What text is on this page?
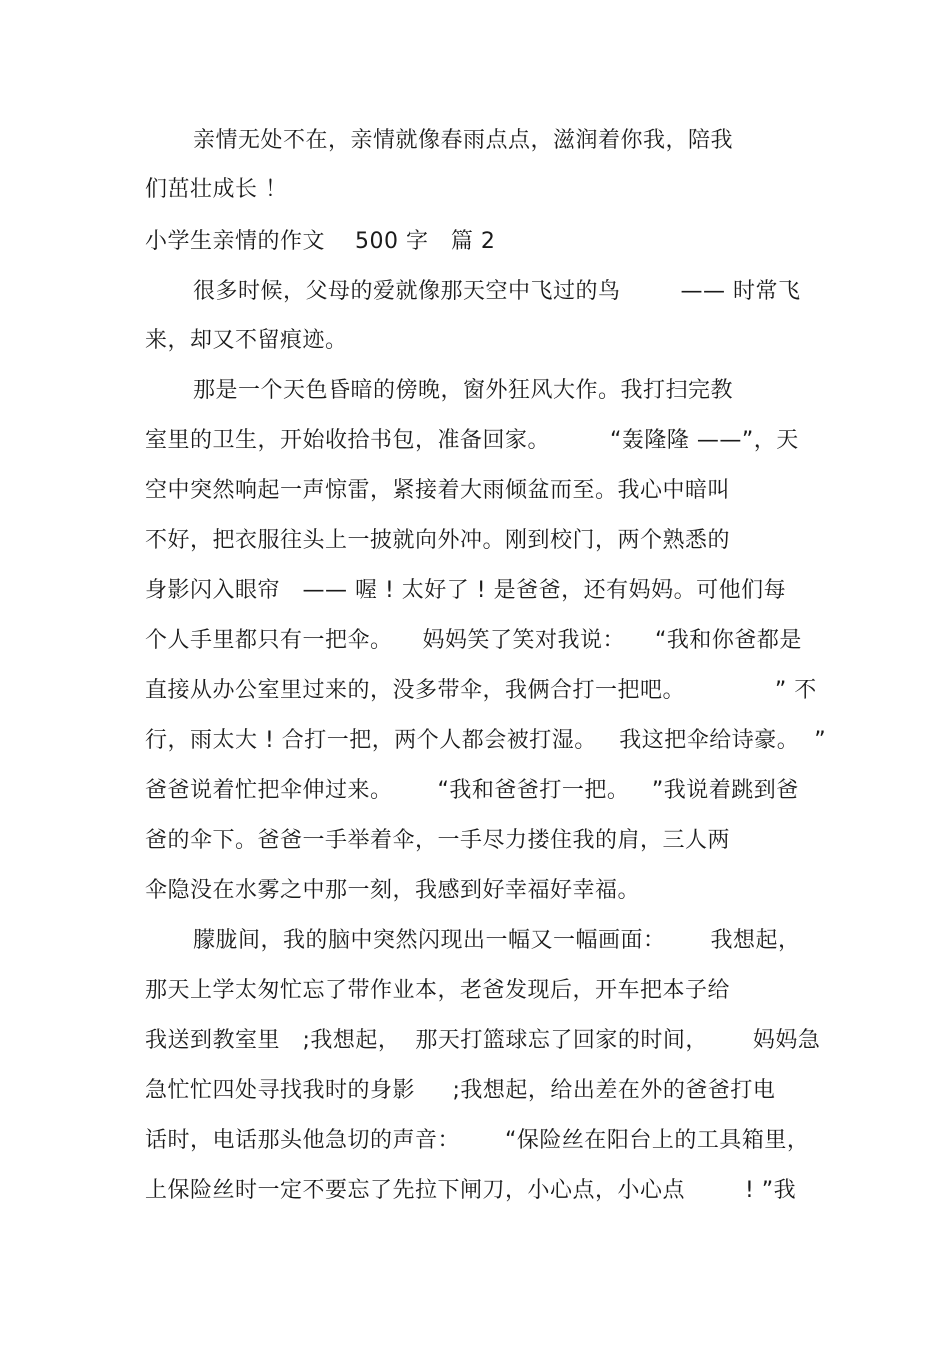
亲情无处不在，亲情就像春雨点点，滋润着你我，陪我
们茁壮成长 ！
小学生亲情的作文    500 字   篇 2
很多时候，父母的爱就像那天空中飞过的鸟        —— 时常飞
来，却又不留痕迹。
那是一个天色昏暗的傍晚，窗外狂风大作。我打扫完教
室里的卫生，开始收拾书包，准备回家。        “轰隆隆 ——”，天
空中突然响起一声惊雷，紧接着大雨倾盆而至。我心中暗叫
不好，把衣服往头上一披就向外冲。刚到校门，两个熟悉的
身影闪入眼帘   —— 喔 ! 太好了 ! 是爸爸，还有妈妈。可他们每
个人手里都只有一把伞。    妈妈笑了笑对我说：    “我和你爸都是
直接从办公室里过来的，没多带伞，我俩合打一把吧。            ” 不
行，雨太大 ! 合打一把，两个人都会被打湿。   我这把伞给诗豪。  ”
爸爸说着忙把伞伸过来。      “我和爸爸打一把。   ”我说着跳到爸
爸的伞下。爸爸一手举着伞，一手尽力搂住我的肩，三人两
伞隐没在水雾之中那一刻，我感到好幸福好幸福。
朦胧间，我的脑中突然闪现出一幅又一幅画面：      我想起，
那天上学太匆忙忘了带作业本，老爸发现后，开车把本子给
我送到教室里   ;我想起，  那天打篮球忘了回家的时间，      妈妈急
急忙忙四处寻找我时的身影     ;我想起，给出差在外的爸爸打电
话时，电话那头他急切的声音：      “保险丝在阳台上的工具箱里，
上保险丝时一定不要忘了先拉下闸刀，小心点，小心点        ! ”我
